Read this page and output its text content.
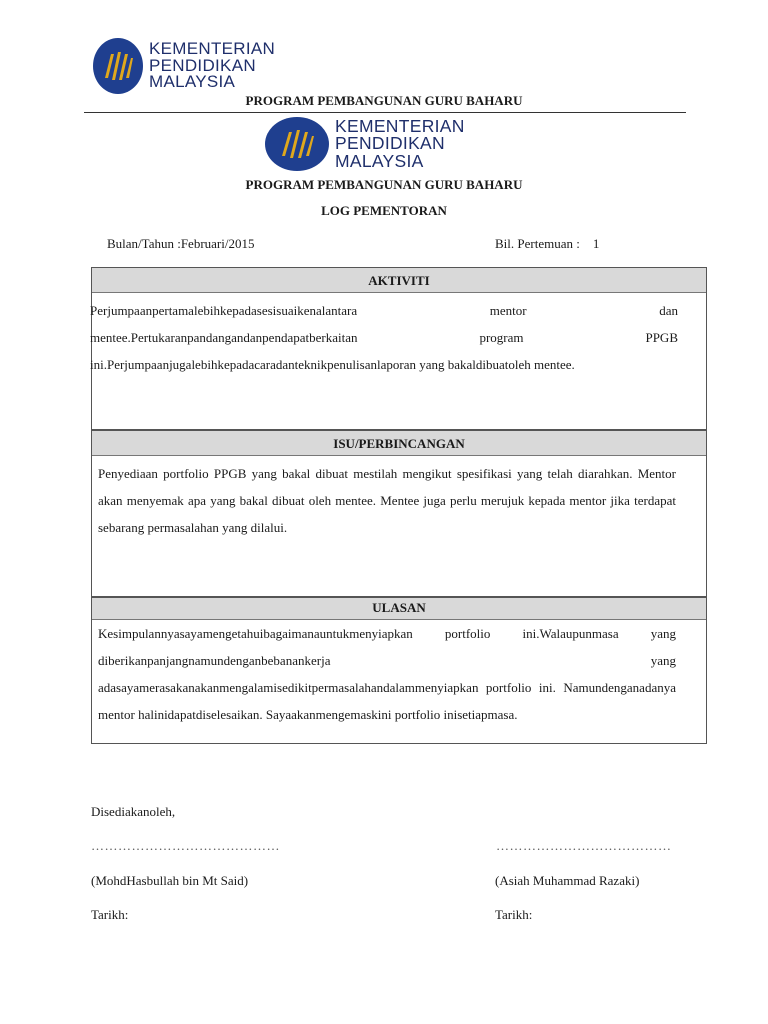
KEMENTERIAN
PENDIDIKAN
MALAYSIA
PROGRAM PEMBANGUNAN GURU BAHARU
KEMENTERIAN
PENDIDIKAN
MALAYSIA
PROGRAM PEMBANGUNAN GURU BAHARU
LOG PEMENTORAN
Bulan/Tahun :Februari/2015	Bil. Pertemuan :    1
AKTIVITI
Perjumpaanpertamalebihkepadasesisuaikenalantara mentor dan mentee.Pertukaranpandangandanpendapatberkaitan program PPGB ini.Perjumpaanjugalebihkepadacaradanteknikpenulisanlaporan yang bakaldibuatoleh mentee.
ISU/PERBINCANGAN
Penyediaan portfolio PPGB yang bakal dibuat mestilah mengikut spesifikasi yang telah diarahkan. Mentor akan menyemak apa yang bakal dibuat oleh mentee. Mentee juga perlu merujuk kepada mentor jika terdapat sebarang permasalahan yang dilalui.
ULASAN
Kesimpulannyasayamengetahuibagaimanauntukmenyiapkan portfolio ini.Walaupunmasa yang diberikanpanjangnamundenganbebanankerja yang adasayamerasakanakanmengalamisedikitpermasalahandalammenyiapkan portfolio ini. Namundenganadanya mentor halinidapatdiselesaikan. Sayaakanmengemaskini portfolio inisetiapmasa.
Disediakanoleh,
……………………………………	…………………………………
(MohdHasbullah bin Mt Said)	(Asiah Muhammad Razaki)
Tarikh:	Tarikh:
